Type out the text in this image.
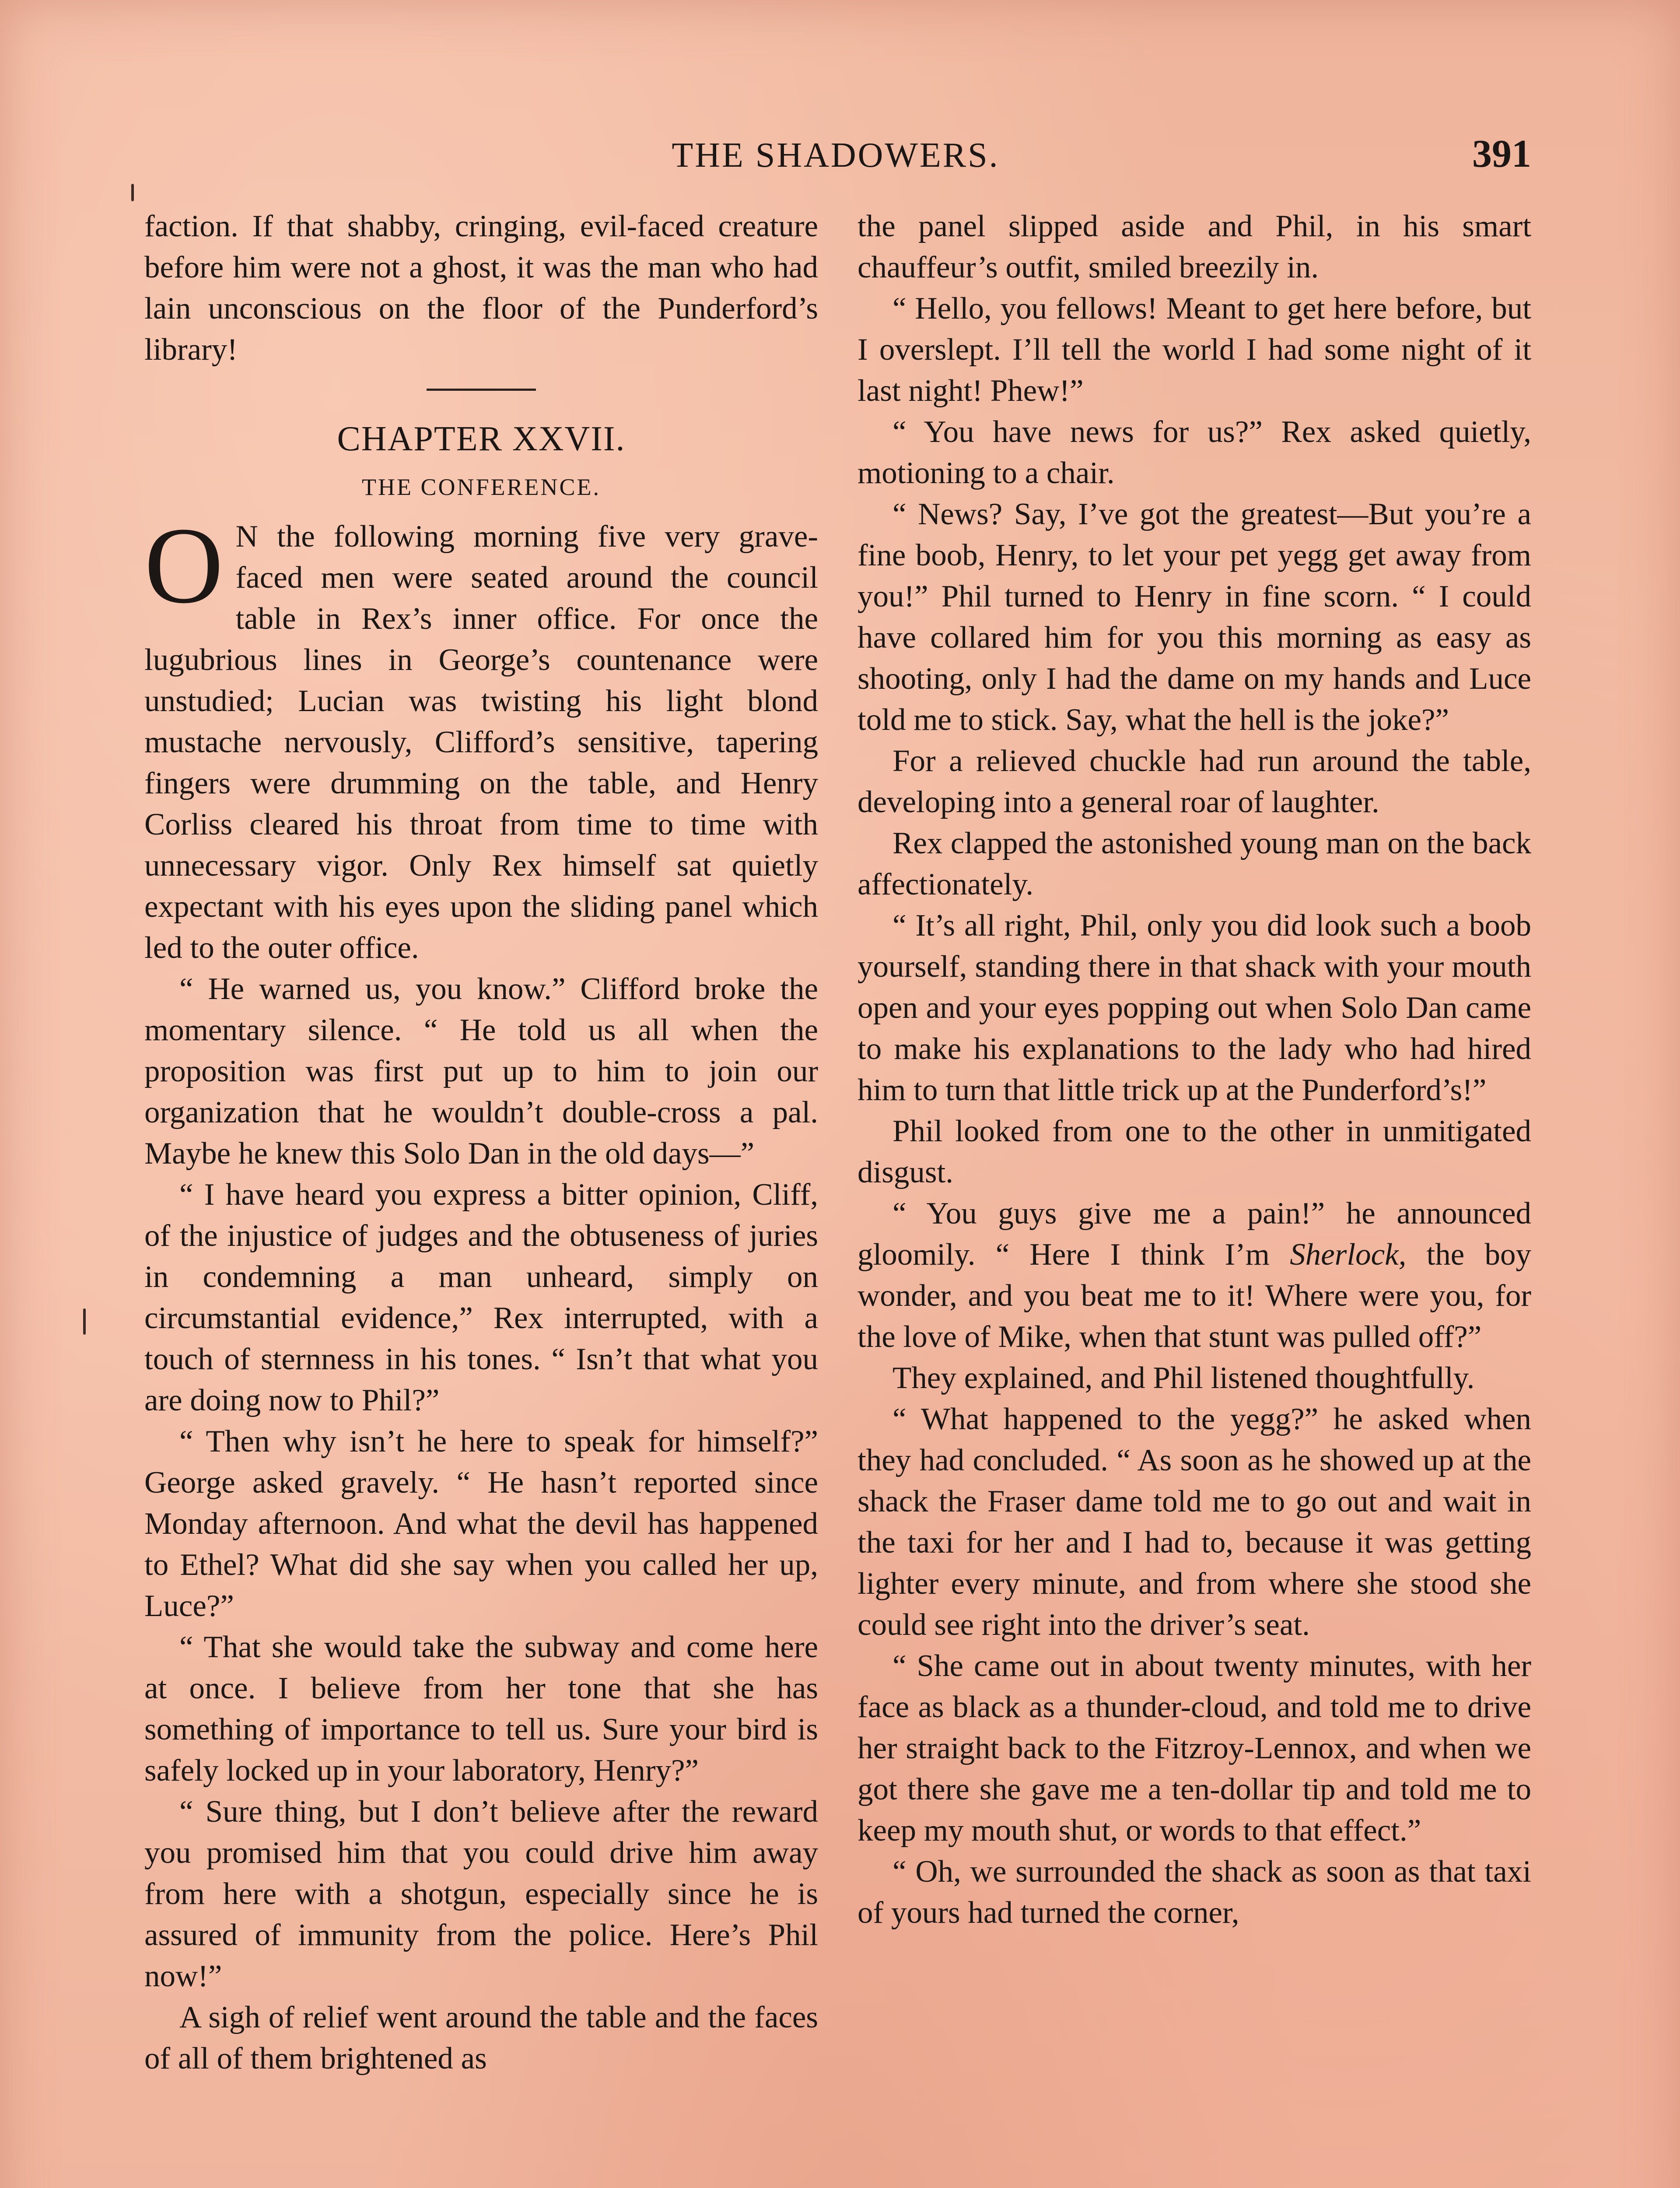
THE SHADOWERS.	391

faction. If that shabby, cringing, evil-faced creature before him were not a ghost, it was the man who had lain unconscious on the floor of the Punderford’s library!

CHAPTER XXVII.
THE CONFERENCE.

O N the following morning five very grave-faced men were seated around the council table in Rex’s inner office. For once the lugubrious lines in George’s countenance were unstudied; Lucian was twisting his light blond mustache nervously, Clifford’s sensitive, tapering fingers were drumming on the table, and Henry Corliss cleared his throat from time to time with unnecessary vigor. Only Rex himself sat quietly expectant with his eyes upon the sliding panel which led to the outer office.

“ He warned us, you know.” Clifford broke the momentary silence. “ He told us all when the proposition was first put up to him to join our organization that he wouldn’t double-cross a pal. Maybe he knew this Solo Dan in the old days—”

“ I have heard you express a bitter opinion, Cliff, of the injustice of judges and the obtuseness of juries in condemning a man unheard, simply on circumstantial evidence,” Rex interrupted, with a touch of sternness in his tones. “ Isn’t that what you are doing now to Phil?”

“ Then why isn’t he here to speak for himself?” George asked gravely. “ He hasn’t reported since Monday afternoon. And what the devil has happened to Ethel? What did she say when you called her up, Luce?”

“ That she would take the subway and come here at once. I believe from her tone that she has something of importance to tell us. Sure your bird is safely locked up in your laboratory, Henry?”

“ Sure thing, but I don’t believe after the reward you promised him that you could drive him away from here with a shotgun, especially since he is assured of immunity from the police. Here’s Phil now!”

A sigh of relief went around the table and the faces of all of them brightened as

the panel slipped aside and Phil, in his smart chauffeur’s outfit, smiled breezily in.

“ Hello, you fellows! Meant to get here before, but I overslept. I’ll tell the world I had some night of it last night! Phew!”

“ You have news for us?” Rex asked quietly, motioning to a chair.

“ News? Say, I’ve got the greatest—But you’re a fine boob, Henry, to let your pet yegg get away from you!” Phil turned to Henry in fine scorn. “ I could have collared him for you this morning as easy as shooting, only I had the dame on my hands and Luce told me to stick. Say, what the hell is the joke?”

For a relieved chuckle had run around the table, developing into a general roar of laughter.

Rex clapped the astonished young man on the back affectionately.

“ It’s all right, Phil, only you did look such a boob yourself, standing there in that shack with your mouth open and your eyes popping out when Solo Dan came to make his explanations to the lady who had hired him to turn that little trick up at the Punderford’s!”

Phil looked from one to the other in unmitigated disgust.

“ You guys give me a pain!” he announced gloomily. “ Here I think I’m Sherlock, the boy wonder, and you beat me to it! Where were you, for the love of Mike, when that stunt was pulled off?”

They explained, and Phil listened thoughtfully.

“ What happened to the yegg?” he asked when they had concluded. “ As soon as he showed up at the shack the Fraser dame told me to go out and wait in the taxi for her and I had to, because it was getting lighter every minute, and from where she stood she could see right into the driver’s seat.

“ She came out in about twenty minutes, with her face as black as a thunder-cloud, and told me to drive her straight back to the Fitzroy-Lennox, and when we got there she gave me a ten-dollar tip and told me to keep my mouth shut, or words to that effect.”

“ Oh, we surrounded the shack as soon as that taxi of yours had turned the corner,
